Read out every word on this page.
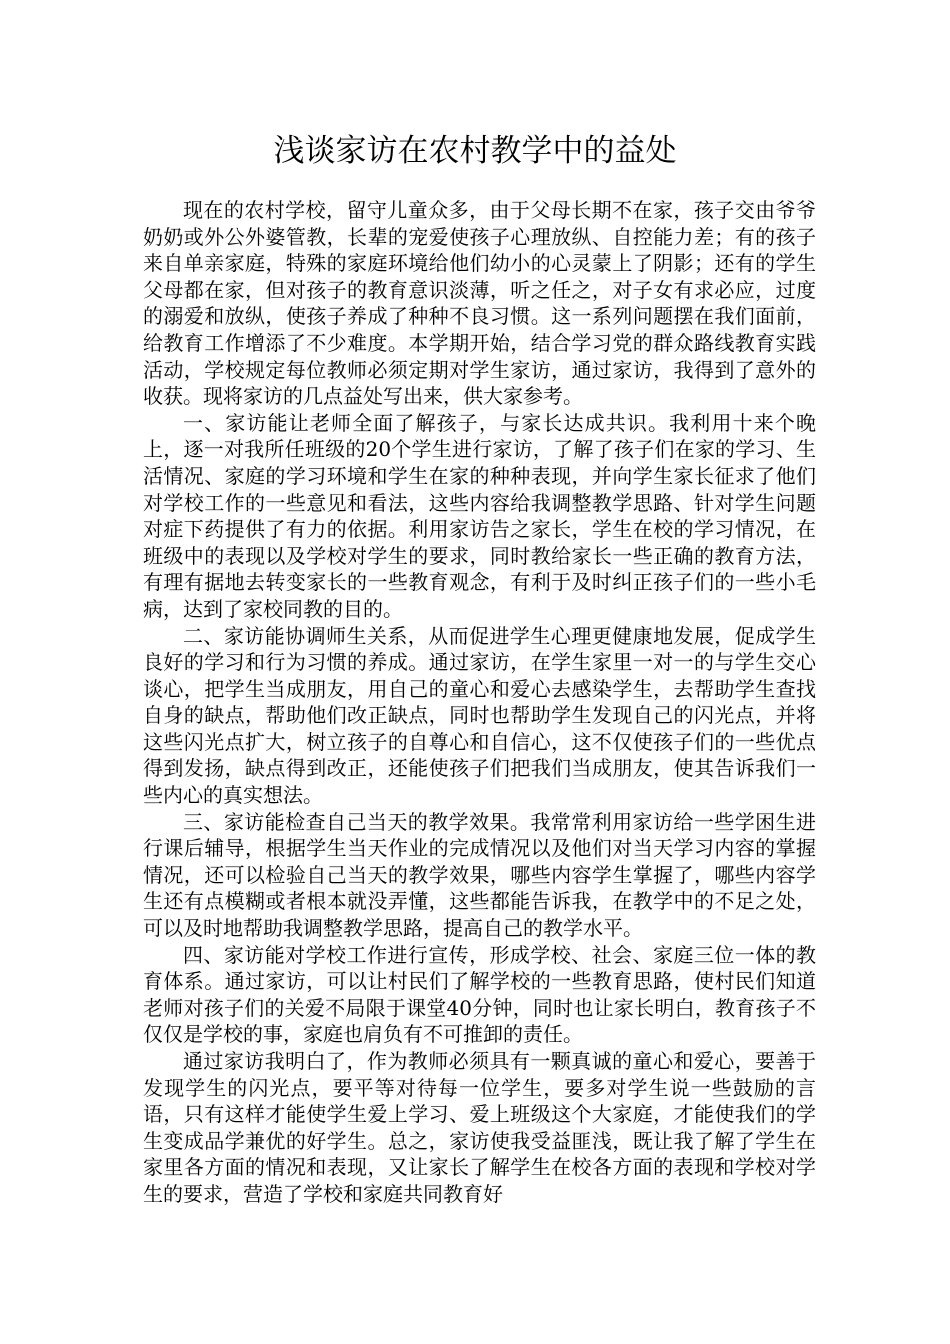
浅谈家访在农村教学中的益处

现在的农村学校，留守儿童众多，由于父母长期不在家，孩子交由爷爷奶奶或外公外婆管教，长辈的宠爱使孩子心理放纵、自控能力差；有的孩子来自单亲家庭，特殊的家庭环境给他们幼小的心灵蒙上了阴影；还有的学生父母都在家，但对孩子的教育意识淡薄，听之任之，对子女有求必应，过度的溺爱和放纵，使孩子养成了种种不良习惯。这一系列问题摆在我们面前，给教育工作增添了不少难度。本学期开始，结合学习党的群众路线教育实践活动，学校规定每位教师必须定期对学生家访，通过家访，我得到了意外的收获。现将家访的几点益处写出来，供大家参考。

一、家访能让老师全面了解孩子，与家长达成共识。我利用十来个晚上，逐一对我所任班级的20个学生进行家访，了解了孩子们在家的学习、生活情况、家庭的学习环境和学生在家的种种表现，并向学生家长征求了他们对学校工作的一些意见和看法，这些内容给我调整教学思路、针对学生问题对症下药提供了有力的依据。利用家访告之家长，学生在校的学习情况，在班级中的表现以及学校对学生的要求，同时教给家长一些正确的教育方法，有理有据地去转变家长的一些教育观念，有利于及时纠正孩子们的一些小毛病，达到了家校同教的目的。

二、家访能协调师生关系，从而促进学生心理更健康地发展，促成学生良好的学习和行为习惯的养成。通过家访，在学生家里一对一的与学生交心谈心，把学生当成朋友，用自己的童心和爱心去感染学生，去帮助学生查找自身的缺点，帮助他们改正缺点，同时也帮助学生发现自己的闪光点，并将这些闪光点扩大，树立孩子的自尊心和自信心，这不仅使孩子们的一些优点得到发扬，缺点得到改正，还能使孩子们把我们当成朋友，使其告诉我们一些内心的真实想法。

三、家访能检查自己当天的教学效果。我常常利用家访给一些学困生进行课后辅导，根据学生当天作业的完成情况以及他们对当天学习内容的掌握情况，还可以检验自己当天的教学效果，哪些内容学生掌握了，哪些内容学生还有点模糊或者根本就没弄懂，这些都能告诉我，在教学中的不足之处，可以及时地帮助我调整教学思路，提高自己的教学水平。

四、家访能对学校工作进行宣传，形成学校、社会、家庭三位一体的教育体系。通过家访，可以让村民们了解学校的一些教育思路，使村民们知道老师对孩子们的关爱不局限于课堂40分钟，同时也让家长明白，教育孩子不仅仅是学校的事，家庭也肩负有不可推卸的责任。

通过家访我明白了，作为教师必须具有一颗真诚的童心和爱心，要善于发现学生的闪光点，要平等对待每一位学生，要多对学生说一些鼓励的言语，只有这样才能使学生爱上学习、爱上班级这个大家庭，才能使我们的学生变成品学兼优的好学生。总之，家访使我受益匪浅，既让我了解了学生在家里各方面的情况和表现，又让家长了解学生在校各方面的表现和学校对学生的要求，营造了学校和家庭共同教育好
